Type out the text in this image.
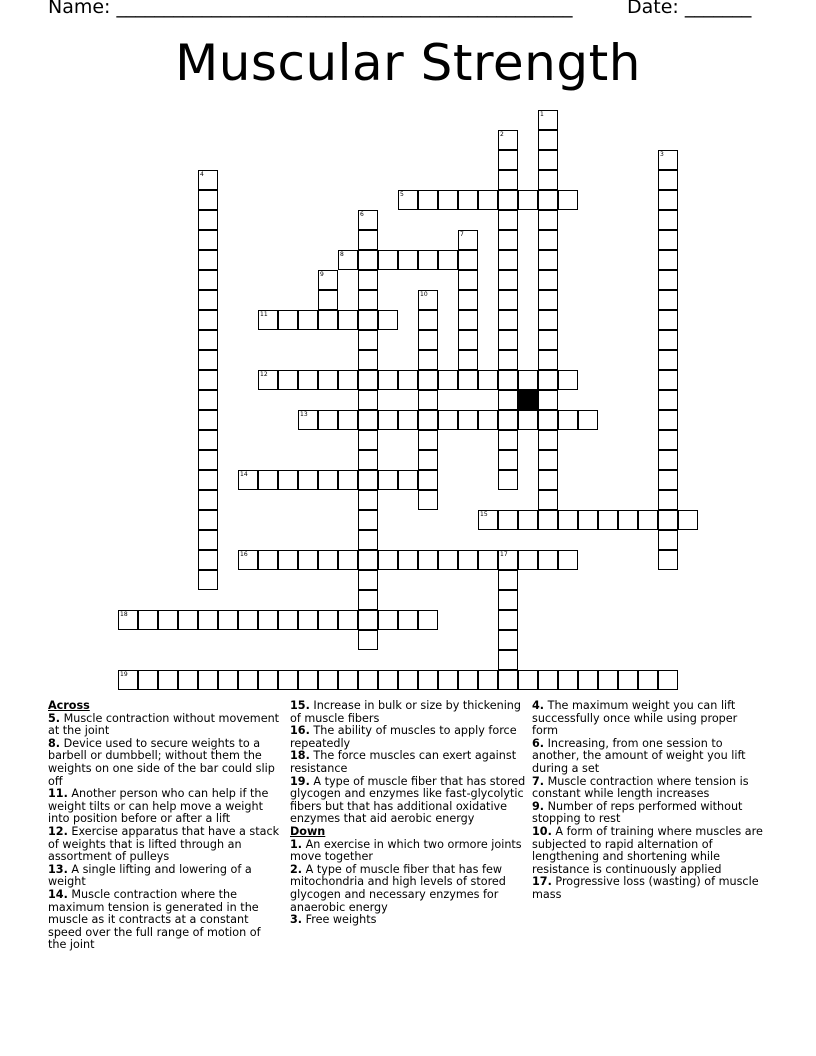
Name: ________________________________________________	Date: _______
Muscular Strength
5
8
11
12
13
14
15
16	17
18
19
1
2
3
4
6
7
9
10
Across
5. Muscle contraction without movement at the joint
8. Device used to secure weights to a barbell or dumbbell; without them the weights on one side of the bar could slip off
11. Another person who can help if the weight tilts or can help move a weight into position before or after a lift
12. Exercise apparatus that have a stack of weights that is lifted through an assortment of pulleys
13. A single lifting and lowering of a weight
14. Muscle contraction where the maximum tension is generated in the muscle as it contracts at a constant speed over the full range of motion of the joint
15. Increase in bulk or size by thickening of muscle fibers
16. The ability of muscles to apply force repeatedly
18. The force muscles can exert against resistance
19. A type of muscle fiber that has stored glycogen and enzymes like fast-glycolytic fibers but that has additional oxidative enzymes that aid aerobic energy
Down
1. An exercise in which two ormore joints move together
2. A type of muscle fiber that has few mitochondria and high levels of stored glycogen and necessary enzymes for anaerobic energy
3. Free weights
4. The maximum weight you can lift successfully once while using proper form
6. Increasing, from one session to another, the amount of weight you lift during a set
7. Muscle contraction where tension is constant while length increases
9. Number of reps performed without stopping to rest
10. A form of training where muscles are subjected to rapid alternation of lengthening and shortening while resistance is continuously applied
17. Progressive loss (wasting) of muscle mass
